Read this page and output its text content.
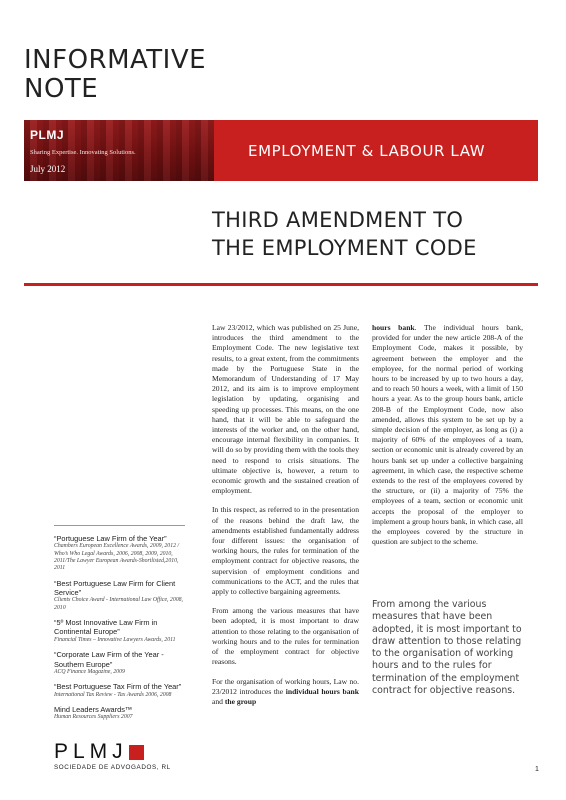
INFORMATIVE
NOTE
PLMJ
Sharing Expertise. Innovating Solutions.
July 2012
EMPLOYMENT & LABOUR LAW
THIRD AMENDMENT TO
THE EMPLOYMENT CODE

Law 23/2012, which was published on 25 June, introduces the third amendment to the Employment Code. The new legislative text results, to a great extent, from the commitments made by the Portuguese State in the Memorandum of Understanding of 17 May 2012, and its aim is to improve employment legislation by updating, organising and speeding up processes. This means, on the one hand, that it will be able to safeguard the interests of the worker and, on the other hand, encourage internal flexibility in companies. It will do so by providing them with the tools they need to respond to crisis situations. The ultimate objective is, however, a return to economic growth and the sustained creation of employment.

In this respect, as referred to in the presentation of the reasons behind the draft law, the amendments established fundamentally address four different issues: the organisation of working hours, the rules for termination of the employment contract for objective reasons, the supervision of employment conditions and communications to the ACT, and the rules that apply to collective bargaining agreements.

From among the various measures that have been adopted, it is most important to draw attention to those relating to the organisation of working hours and to the rules for termination of the employment contract for objective reasons.

For the organisation of working hours, Law no. 23/2012 introduces the individual hours bank and the group

hours bank. The individual hours bank, provided for under the new article 208-A of the Employment Code, makes it possible, by agreement between the employer and the employee, for the normal period of working hours to be increased by up to two hours a day, and to reach 50 hours a week, with a limit of 150 hours a year. As to the group hours bank, article 208-B of the Employment Code, now also amended, allows this system to be set up by a simple decision of the employer, as long as (i) a majority of 60% of the employees of a team, section or economic unit is already covered by an hours bank set up under a collective bargaining agreement, in which case, the respective scheme extends to the rest of the employees covered by the structure, or (ii) a majority of 75% the employees of a team, section or economic unit accepts the proposal of the employer to implement a group hours bank, in which case, all the employees covered by the structure in question are subject to the scheme.

From among the various measures that have been adopted, it is most important to draw attention to those relating to the organisation of working hours and to the rules for termination of the employment contract for objective reasons.
“Portuguese Law Firm of the Year”
Chambers European Excellence Awards, 2009, 2012 / Who’s Who Legal Awards, 2006, 2008, 2009, 2010, 2011/The Lawyer European Awards-Shortlisted,2010, 2011
“Best Portuguese Law Firm for Client Service”
Clients Choice Award - International Law Office, 2008, 2010
“5º Most Innovative Law Firm in Continental Europe”
Financial Times – Innovative Lawyers Awards, 2011
“Corporate Law Firm of the Year - Southern Europe”
ACQ Finance Magazine, 2009
“Best Portuguese Tax Firm of the Year”
International Tax Review - Tax Awards 2006, 2008
Mind Leaders Awards™
Human Resources Suppliers 2007
PLMJ
SOCIEDADE DE ADVOGADOS, RL	1
